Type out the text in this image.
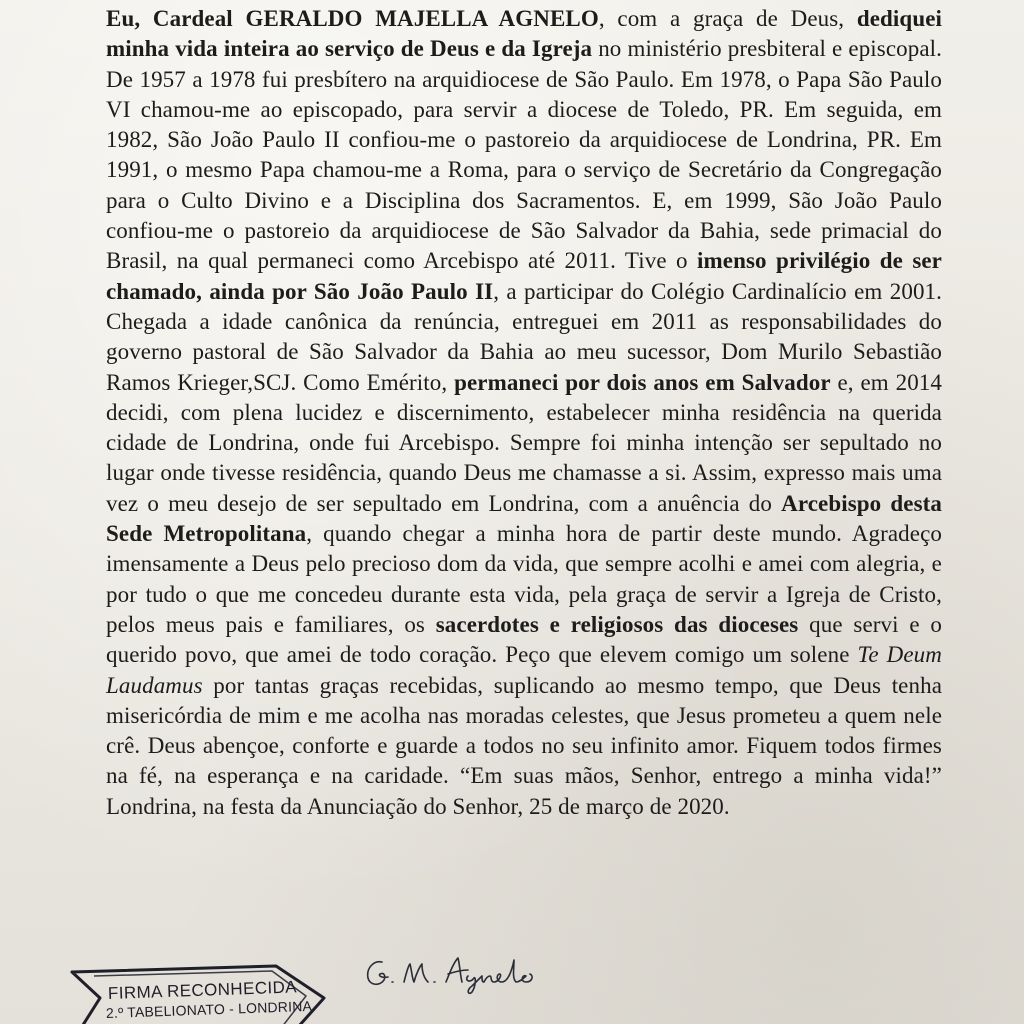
Eu, Cardeal GERALDO MAJELLA AGNELO, com a graça de Deus, dediquei minha vida inteira ao serviço de Deus e da Igreja no ministério presbiteral e episcopal. De 1957 a 1978 fui presbítero na arquidiocese de São Paulo. Em 1978, o Papa São Paulo VI chamou-me ao episcopado, para servir a diocese de Toledo, PR. Em seguida, em 1982, São João Paulo II confiou-me o pastoreio da arquidiocese de Londrina, PR. Em 1991, o mesmo Papa chamou-me a Roma, para o serviço de Secretário da Congregação para o Culto Divino e a Disciplina dos Sacramentos. E, em 1999, São João Paulo confiou-me o pastoreio da arquidiocese de São Salvador da Bahia, sede primacial do Brasil, na qual permaneci como Arcebispo até 2011. Tive o imenso privilégio de ser chamado, ainda por São João Paulo II, a participar do Colégio Cardinalício em 2001. Chegada a idade canônica da renúncia, entreguei em 2011 as responsabilidades do governo pastoral de São Salvador da Bahia ao meu sucessor, Dom Murilo Sebastião Ramos Krieger,SCJ. Como Emérito, permaneci por dois anos em Salvador e, em 2014 decidi, com plena lucidez e discernimento, estabelecer minha residência na querida cidade de Londrina, onde fui Arcebispo. Sempre foi minha intenção ser sepultado no lugar onde tivesse residência, quando Deus me chamasse a si. Assim, expresso mais uma vez o meu desejo de ser sepultado em Londrina, com a anuência do Arcebispo desta Sede Metropolitana, quando chegar a minha hora de partir deste mundo. Agradeço imensamente a Deus pelo precioso dom da vida, que sempre acolhi e amei com alegria, e por tudo o que me concedeu durante esta vida, pela graça de servir a Igreja de Cristo, pelos meus pais e familiares, os sacerdotes e religiosos das dioceses que servi e o querido povo, que amei de todo coração. Peço que elevem comigo um solene Te Deum Laudamus por tantas graças recebidas, suplicando ao mesmo tempo, que Deus tenha misericórdia de mim e me acolha nas moradas celestes, que Jesus prometeu a quem nele crê. Deus abençoe, conforte e guarde a todos no seu infinito amor. Fiquem todos firmes na fé, na esperança e na caridade. “Em suas mãos, Senhor, entrego a minha vida!” Londrina, na festa da Anunciação do Senhor, 25 de março de 2020.

FIRMA RECONHECIDA
2.º TABELIONATO - LONDRINA
